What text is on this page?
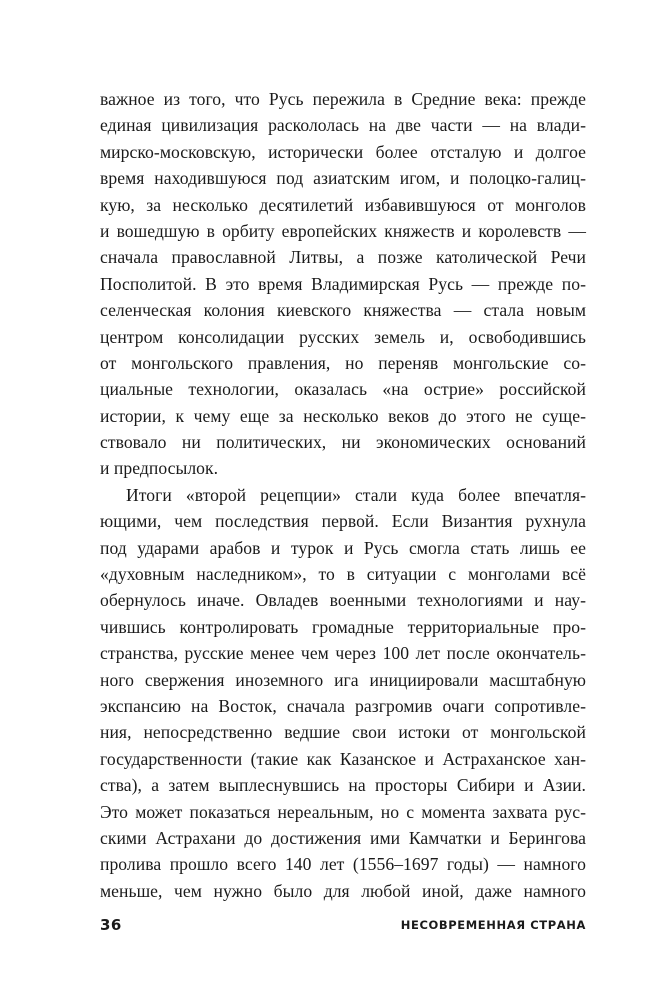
важное из того, что Русь пережила в Средние века: прежде
единая цивилизация раскололась на две части — на влади-
мирско-московскую, исторически более отсталую и долгое
время находившуюся под азиатским игом, и полоцко-галиц-
кую, за несколько десятилетий избавившуюся от монголов
и вошедшую в орбиту европейских княжеств и королевств —
сначала православной Литвы, а позже католической Речи
Посполитой. В это время Владимирская Русь — прежде по-
селенческая колония киевского княжества — стала новым
центром консолидации русских земель и, освободившись
от монгольского правления, но переняв монгольские со-
циальные технологии, оказалась «на острие» российской
истории, к чему еще за несколько веков до этого не суще-
ствовало ни политических, ни экономических оснований
и предпосылок.
Итоги «второй рецепции» стали куда более впечатля-
ющими, чем последствия первой. Если Византия рухнула
под ударами арабов и турок и Русь смогла стать лишь ее
«духовным наследником», то в ситуации с монголами всё
обернулось иначе. Овладев военными технологиями и нау-
чившись контролировать громадные территориальные про-
странства, русские менее чем через 100 лет после окончатель-
ного свержения иноземного ига инициировали масштабную
экспансию на Восток, сначала разгромив очаги сопротивле-
ния, непосредственно ведшие свои истоки от монгольской
государственности (такие как Казанское и Астраханское хан-
ства), а затем выплеснувшись на просторы Сибири и Азии.
Это может показаться нереальным, но с момента захвата рус-
скими Астрахани до достижения ими Камчатки и Берингова
пролива прошло всего 140 лет (1556–1697 годы) — намного
меньше, чем нужно было для любой иной, даже намного
36	НЕСОВРЕМЕННАЯ СТРАНА
